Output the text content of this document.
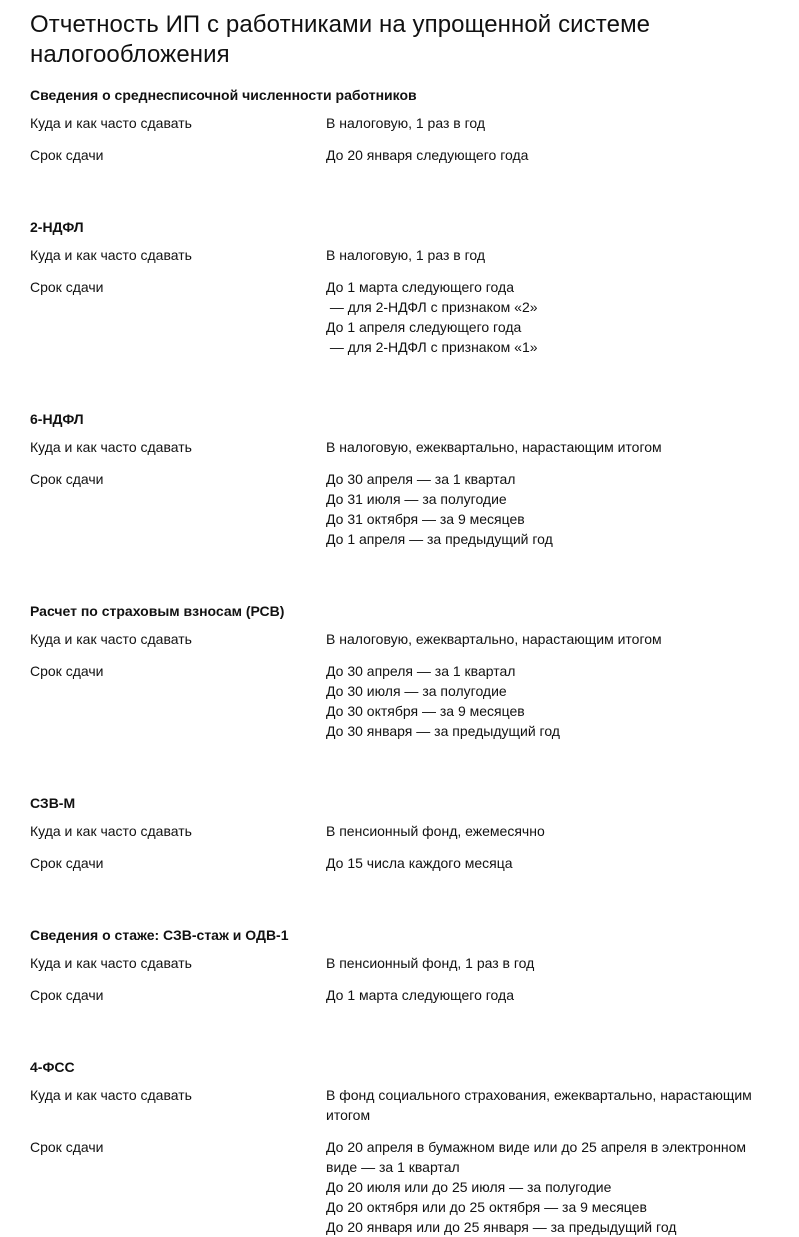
Отчетность ИП с работниками на упрощенной системе налогообложения
Сведения о среднесписочной численности работников
Куда и как часто сдавать	В налоговую, 1 раз в год
Срок сдачи	До 20 января следующего года
2-НДФЛ
Куда и как часто сдавать	В налоговую, 1 раз в год
Срок сдачи	До 1 марта следующего года
— для 2-НДФЛ с признаком «2»
До 1 апреля следующего года
— для 2-НДФЛ с признаком «1»
6-НДФЛ
Куда и как часто сдавать	В налоговую, ежеквартально, нарастающим итогом
Срок сдачи	До 30 апреля — за 1 квартал
До 31 июля — за полугодие
До 31 октября — за 9 месяцев
До 1 апреля — за предыдущий год
Расчет по страховым взносам (РСВ)
Куда и как часто сдавать	В налоговую, ежеквартально, нарастающим итогом
Срок сдачи	До 30 апреля — за 1 квартал
До 30 июля — за полугодие
До 30 октября — за 9 месяцев
До 30 января — за предыдущий год
СЗВ-М
Куда и как часто сдавать	В пенсионный фонд, ежемесячно
Срок сдачи	До 15 числа каждого месяца
Сведения о стаже: СЗВ-стаж и ОДВ-1
Куда и как часто сдавать	В пенсионный фонд, 1 раз в год
Срок сдачи	До 1 марта следующего года
4-ФСС
Куда и как часто сдавать	В фонд социального страхования, ежеквартально, нарастающим итогом
Срок сдачи	До 20 апреля в бумажном виде или до 25 апреля в электронном виде — за 1 квартал
До 20 июля или до 25 июля — за полугодие
До 20 октября или до 25 октября — за 9 месяцев
До 20 января или до 25 января — за предыдущий год
